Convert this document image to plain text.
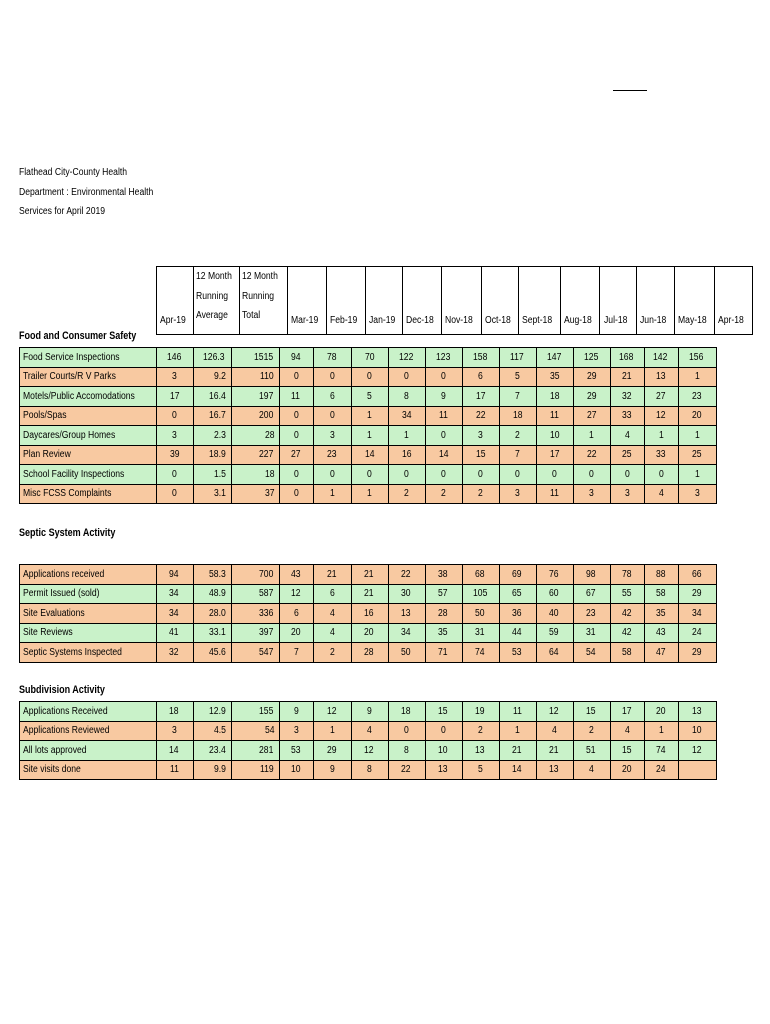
Flathead City-County Health
Department : Environmental Health
Services for April 2019
	Apr-19	12 Month
Running
Average	12 Month
Running
Total	Mar-19	Feb-19	Jan-19	Dec-18	Nov-18	Oct-18	Sept-18	Aug-18	Jul-18	Jun-18	May-18	Apr-18
Food and Consumer Safety
Food Service Inspections	146	126.3	1515	94	78	70	122	123	158	117	147	125	168	142	156
Trailer Courts/R V Parks	3	9.2	110	0	0	0	0	0	6	5	35	29	21	13	1
Motels/Public Accomodations	17	16.4	197	11	6	5	8	9	17	7	18	29	32	27	23
Pools/Spas	0	16.7	200	0	0	1	34	11	22	18	11	27	33	12	20
Daycares/Group Homes	3	2.3	28	0	3	1	1	0	3	2	10	1	4	1	1
Plan Review	39	18.9	227	27	23	14	16	14	15	7	17	22	25	33	25
School Facility Inspections	0	1.5	18	0	0	0	0	0	0	0	0	0	0	0	1
Misc FCSS Complaints	0	3.1	37	0	1	1	2	2	2	3	11	3	3	4	3
Septic System Activity
Applications received	94	58.3	700	43	21	21	22	38	68	69	76	98	78	88	66
Permit Issued (sold)	34	48.9	587	12	6	21	30	57	105	65	60	67	55	58	29
Site Evaluations	34	28.0	336	6	4	16	13	28	50	36	40	23	42	35	34
Site Reviews	41	33.1	397	20	4	20	34	35	31	44	59	31	42	43	24
Septic Systems Inspected	32	45.6	547	7	2	28	50	71	74	53	64	54	58	47	29
Subdivision Activity
Applications Received	18	12.9	155	9	12	9	18	15	19	11	12	15	17	20	13
Applications Reviewed	3	4.5	54	3	1	4	0	0	2	1	4	2	4	1	10
All lots approved	14	23.4	281	53	29	12	8	10	13	21	21	51	15	74	12
Site visits done	11	9.9	119	10	9	8	22	13	5	14	13	4	20	24	
